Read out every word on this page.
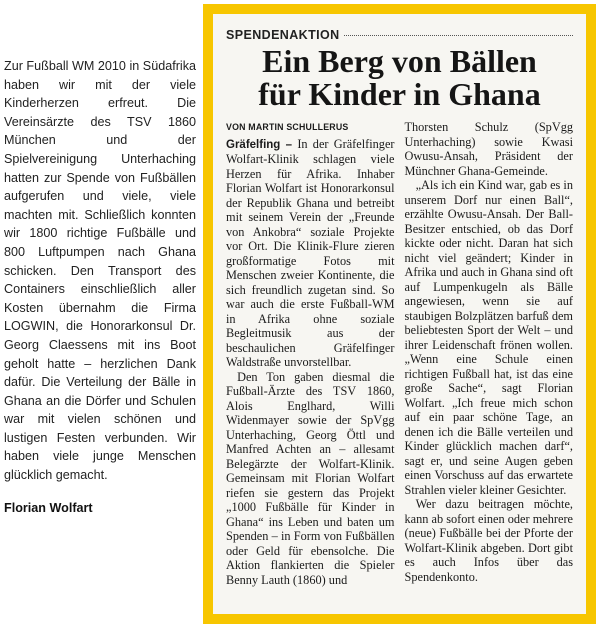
Zur Fußball WM 2010 in Südafrika haben wir mit der viele Kinderherzen erfreut. Die Vereinsärzte des TSV 1860 München und der Spielvereinigung Unterhaching hatten zur Spende von Fußbällen aufgerufen und viele, viele machten mit. Schließlich konnten wir 1800 richtige Fußbälle und 800 Luftpumpen nach Ghana schicken. Den Transport des Containers einschließlich aller Kosten übernahm die Firma LOGWIN, die Honorarkonsul Dr. Georg Claessens mit ins Boot geholt hatte – herzlichen Dank dafür. Die Verteilung der Bälle in Ghana an die Dörfer und Schulen war mit vielen schönen und lustigen Festen verbunden. Wir haben viele junge Menschen glücklich gemacht.

Florian Wolfart
SPENDENAKTION
Ein Berg von Bällen
für Kinder in Ghana
VON MARTIN SCHULLERUS

Gräfelfing – In der Gräfelfinger Wolfart-Klinik schlagen viele Herzen für Afrika. Inhaber Florian Wolfart ist Honorarkonsul der Republik Ghana und betreibt mit seinem Verein der „Freunde von Ankobra“ soziale Projekte vor Ort. Die Klinik-Flure zieren großformatige Fotos mit Menschen zweier Kontinente, die sich freundlich zugetan sind. So war auch die erste Fußball-WM in Afrika ohne soziale Begleitmusik aus der beschaulichen Gräfelfinger Waldstraße unvorstellbar.

Den Ton gaben diesmal die Fußball-Ärzte des TSV 1860, Alois Englhard, Willi Widenmayer sowie der SpVgg Unterhaching, Georg Öttl und Manfred Achten an – allesamt Belegärzte der Wolfart-Klinik. Gemeinsam mit Florian Wolfart riefen sie gestern das Projekt „1000 Fußbälle für Kinder in Ghana“ ins Leben und baten um Spenden – in Form von Fußbällen oder Geld für ebensolche. Die Aktion flankierten die Spieler Benny Lauth (1860) und

Thorsten Schulz (SpVgg Unterhaching) sowie Kwasi Owusu-Ansah, Präsident der Münchner Ghana-Gemeinde.

„Als ich ein Kind war, gab es in unserem Dorf nur einen Ball“, erzählte Owusu-Ansah. Der Ball-Besitzer entschied, ob das Dorf kickte oder nicht. Daran hat sich nicht viel geändert; Kinder in Afrika und auch in Ghana sind oft auf Lumpenkugeln als Bälle angewiesen, wenn sie auf staubigen Bolzplätzen barfuß dem beliebtesten Sport der Welt – und ihrer Leidenschaft frönen wollen. „Wenn eine Schule einen richtigen Fußball hat, ist das eine große Sache“, sagt Florian Wolfart. „Ich freue mich schon auf ein paar schöne Tage, an denen ich die Bälle verteilen und Kinder glücklich machen darf“, sagt er, und seine Augen geben einen Vorschuss auf das erwartete Strahlen vieler kleiner Gesichter.

Wer dazu beitragen möchte, kann ab sofort einen oder mehrere (neue) Fußbälle bei der Pforte der Wolfart-Klinik abgeben. Dort gibt es auch Infos über das Spendenkonto.
